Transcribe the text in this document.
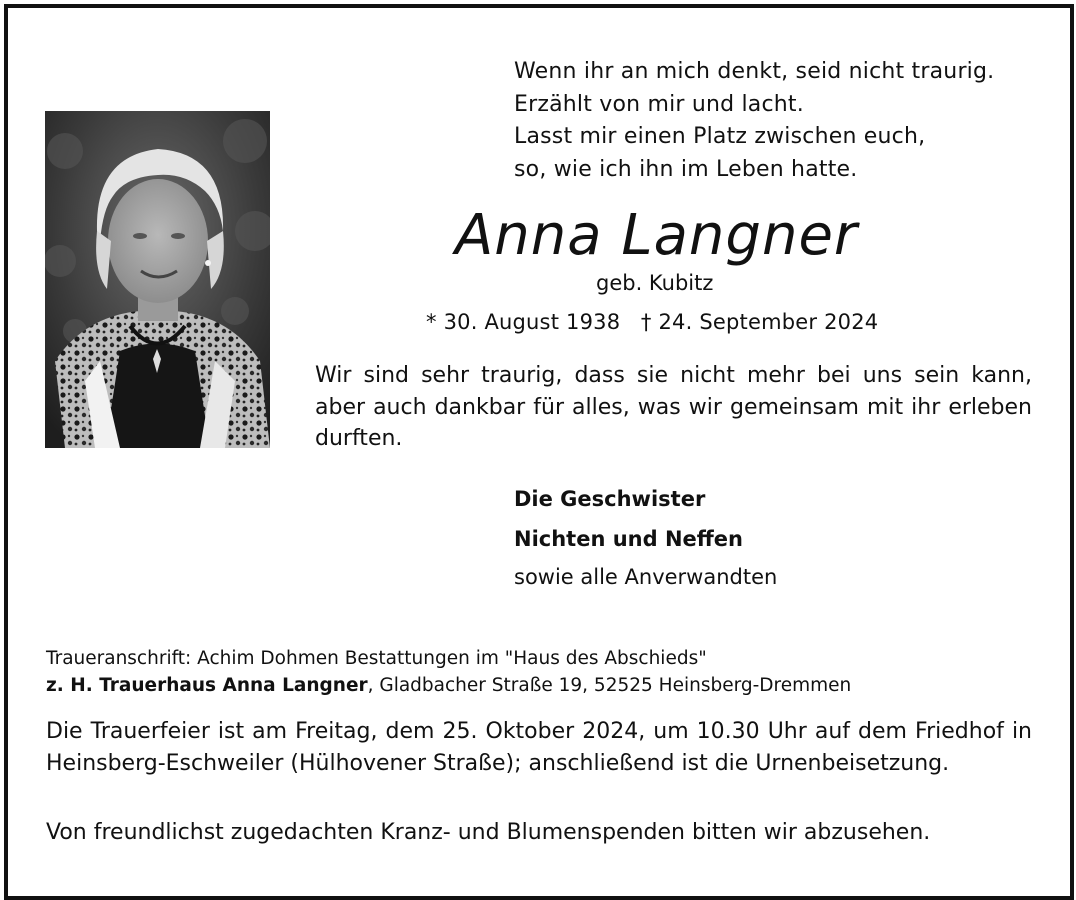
Wenn ihr an mich denkt, seid nicht traurig.
Erzählt von mir und lacht.
Lasst mir einen Platz zwischen euch,
so, wie ich ihn im Leben hatte.
Anna Langner
geb. Kubitz
* 30. August 1938   † 24. September 2024
Wir sind sehr traurig, dass sie nicht mehr bei uns sein kann, aber auch dankbar für alles, was wir gemeinsam mit ihr erleben durften.
Die Geschwister
Nichten und Neffen
sowie alle Anverwandten
Traueranschrift: Achim Dohmen Bestattungen im "Haus des Abschieds"
z. H. Trauerhaus Anna Langner, Gladbacher Straße 19, 52525 Heinsberg-Dremmen
Die Trauerfeier ist am Freitag, dem 25. Oktober 2024, um 10.30 Uhr auf dem Friedhof in Heinsberg-Eschweiler (Hülhovener Straße); anschließend ist die Urnenbeisetzung.
Von freundlichst zugedachten Kranz- und Blumenspenden bitten wir abzusehen.
